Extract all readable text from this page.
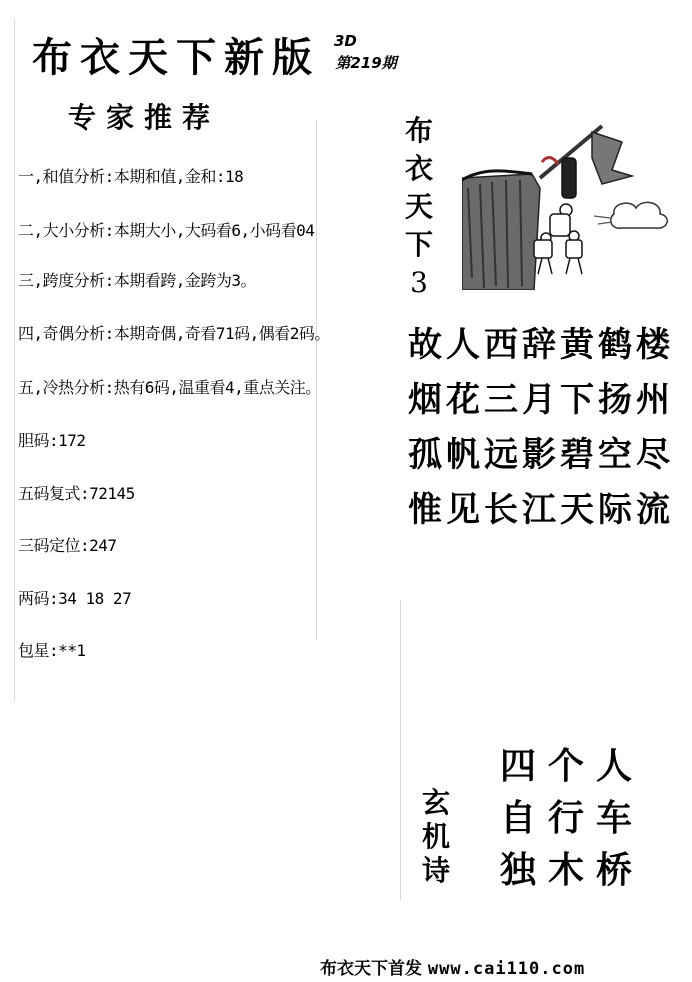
布衣天下新版 3D
第219期
专家推荐
一,和值分析:本期和值,金和:18
二,大小分析:本期大小,大码看6,小码看04
三,跨度分析:本期看跨,金跨为3。
四,奇偶分析:本期奇偶,奇看71码,偶看2码。
五,冷热分析:热有6码,温重看4,重点关注。
胆码:172
五码复式:72145
三码定位:247
两码:34 18 27
包星:**1
布
衣
天
下
3
故人西辞黄鹤楼
烟花三月下扬州
孤帆远影碧空尽
惟见长江天际流
玄
机
诗
四个人
自行车
独木桥
布衣天下首发 www.cai110.com
